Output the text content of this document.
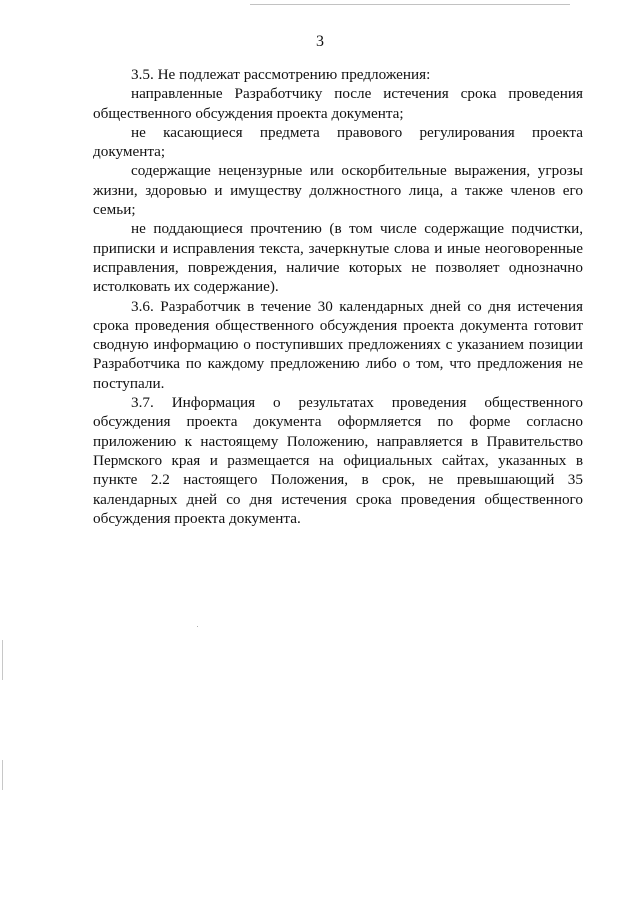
3

3.5. Не подлежат рассмотрению предложения:

направленные Разработчику после истечения срока проведения общественного обсуждения проекта документа;

не касающиеся предмета правового регулирования проекта документа;

содержащие нецензурные или оскорбительные выражения, угрозы жизни, здоровью и имуществу должностного лица, а также членов его семьи;

не поддающиеся прочтению (в том числе содержащие подчистки, приписки и исправления текста, зачеркнутые слова и иные неоговоренные исправления, повреждения, наличие которых не позволяет однозначно истолковать их содержание).

3.6. Разработчик в течение 30 календарных дней со дня истечения срока проведения общественного обсуждения проекта документа готовит сводную информацию о поступивших предложениях с указанием позиции Разработчика по каждому предложению либо о том, что предложения не поступали.

3.7. Информация о результатах проведения общественного обсуждения проекта документа оформляется по форме согласно приложению к настоящему Положению, направляется в Правительство Пермского края и размещается на официальных сайтах, указанных в пункте 2.2 настоящего Положения, в срок, не превышающий 35 календарных дней со дня истечения срока проведения общественного обсуждения проекта документа.
